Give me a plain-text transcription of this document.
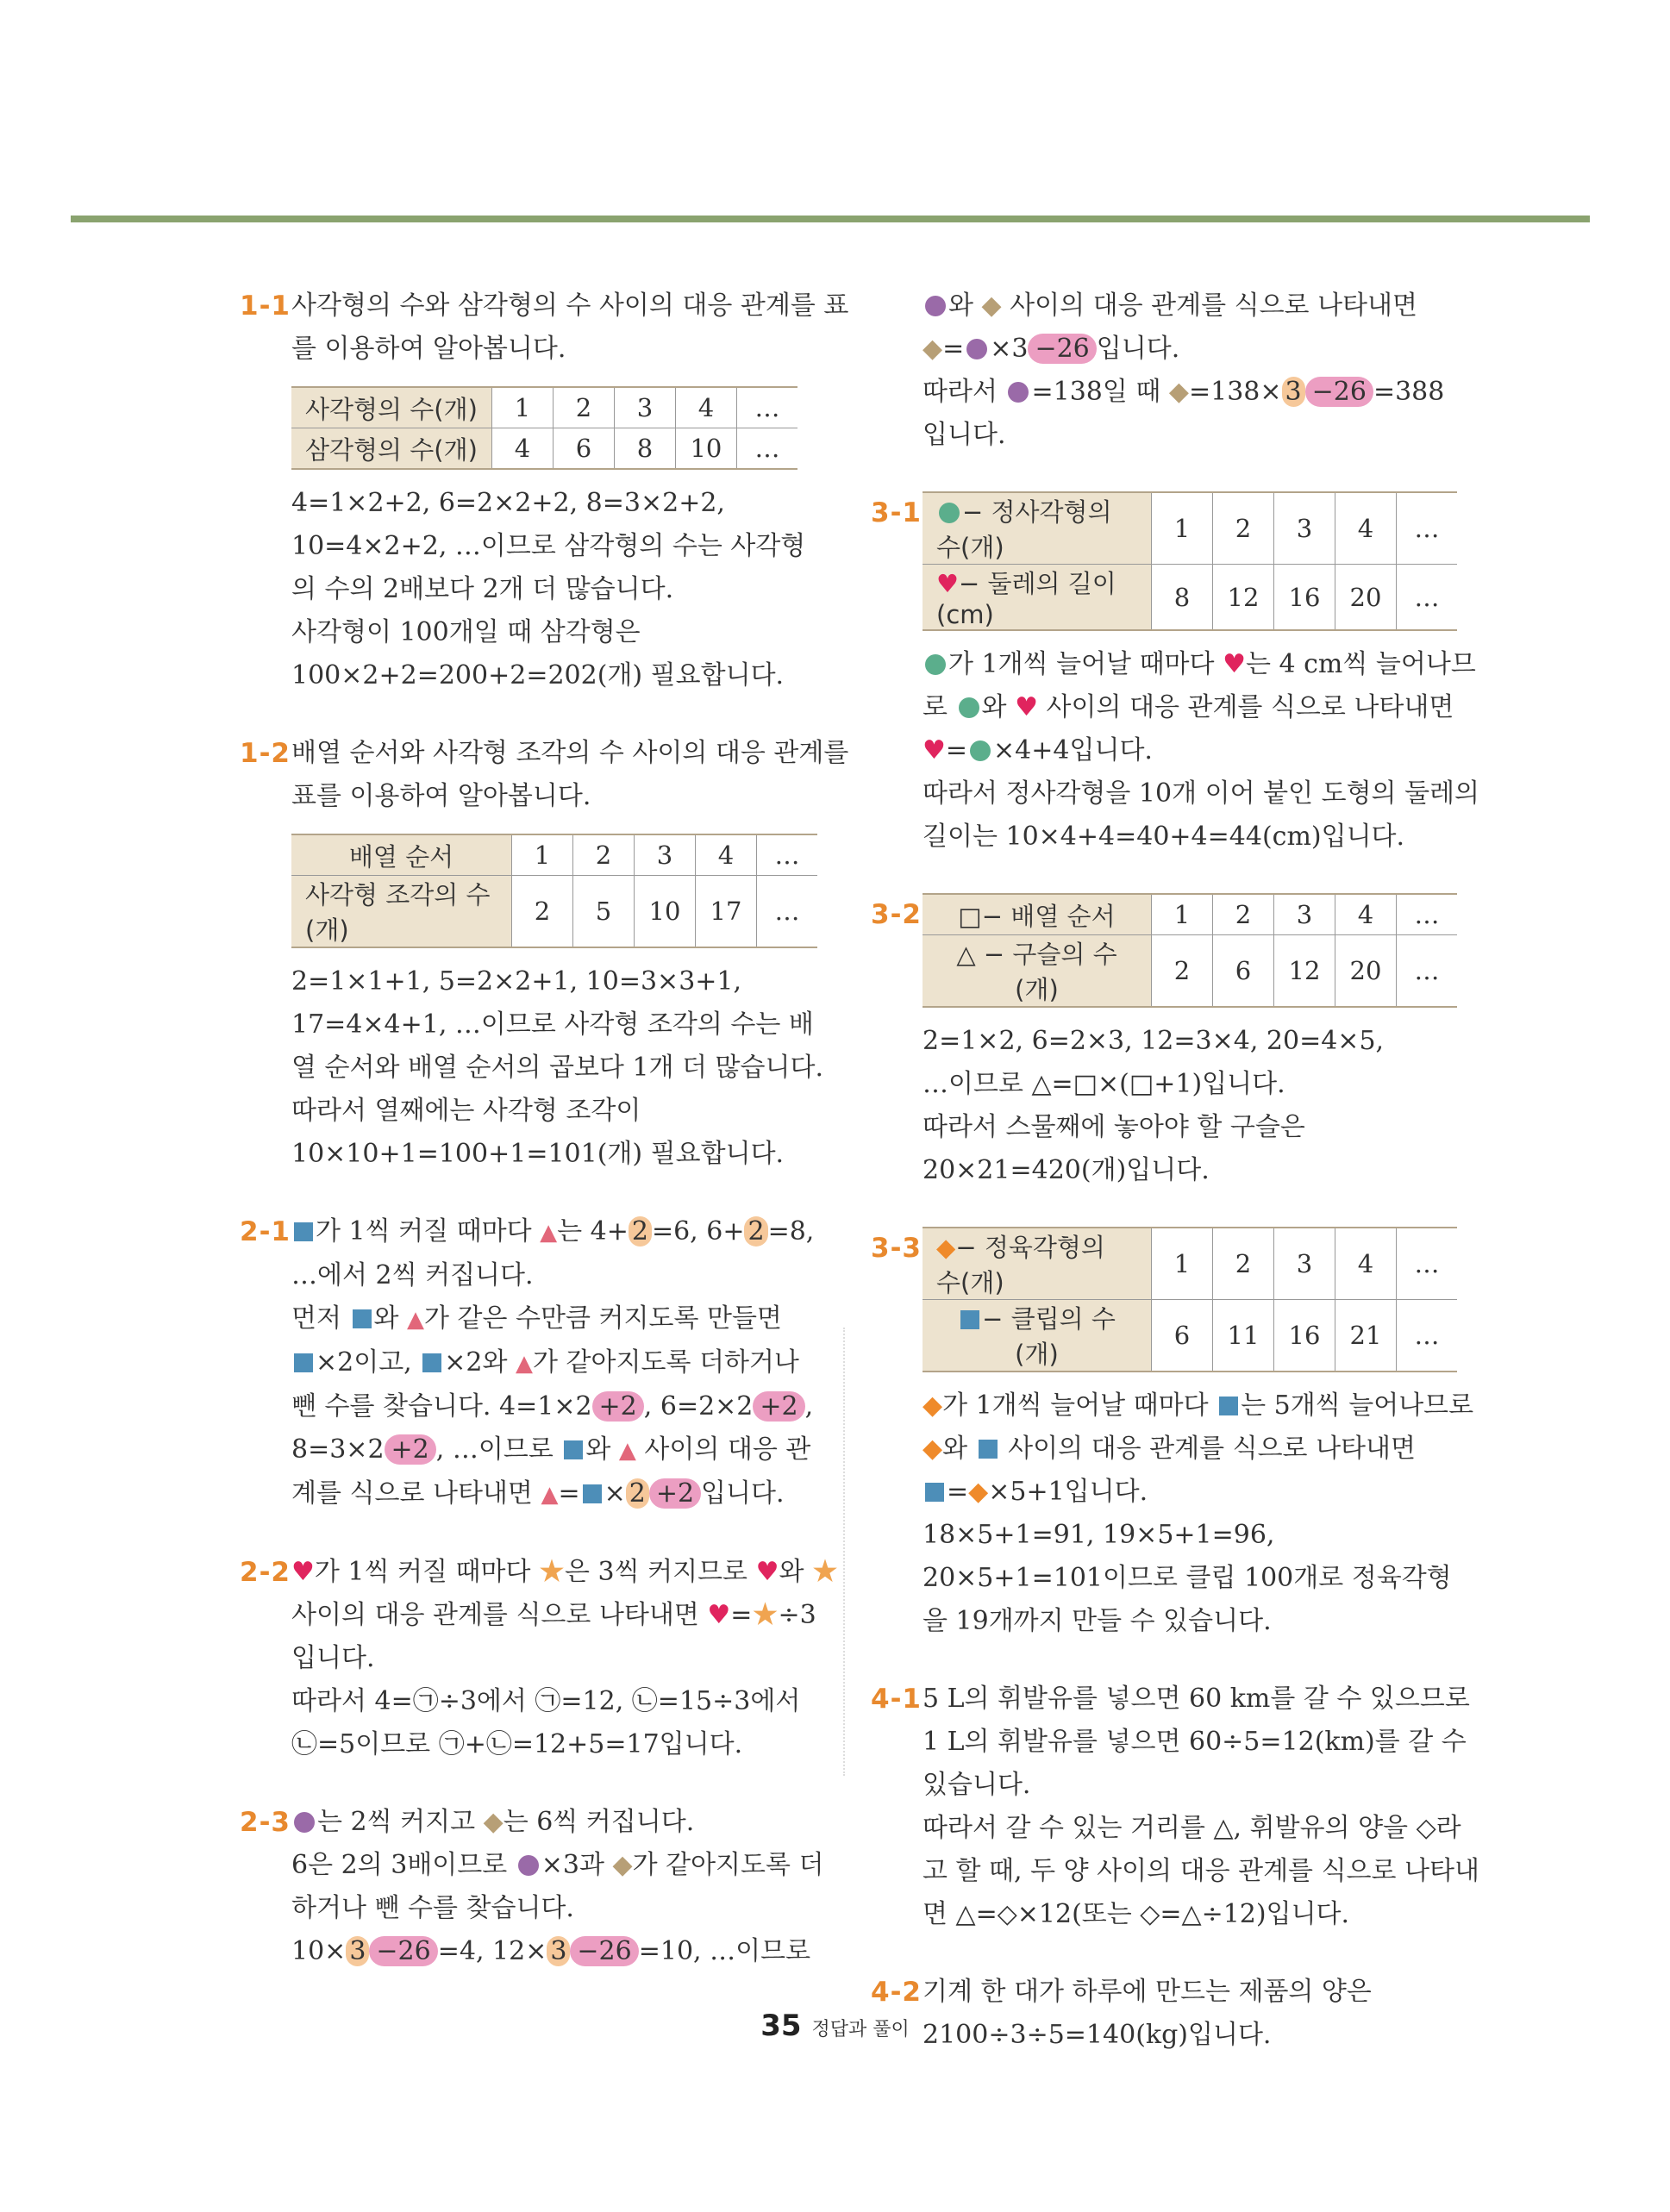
1-1 사각형의 수와 삼각형의 수 사이의 대응 관계를 표
를 이용하여 알아봅니다.
사각형의 수(개)	1	2	3	4	…
삼각형의 수(개)	4	6	8	10	…
4=1×2+2, 6=2×2+2, 8=3×2+2,
10=4×2+2, …이므로 삼각형의 수는 사각형
의 수의 2배보다 2개 더 많습니다.
사각형이 100개일 때 삼각형은
100×2+2=200+2=202(개) 필요합니다.
1-2 배열 순서와 사각형 조각의 수 사이의 대응 관계를
표를 이용하여 알아봅니다.
배열 순서	1	2	3	4	…
사각형 조각의 수(개)	2	5	10	17	…
2=1×1+1, 5=2×2+1, 10=3×3+1,
17=4×4+1, …이므로 사각형 조각의 수는 배
열 순서와 배열 순서의 곱보다 1개 더 많습니다.
따라서 열째에는 사각형 조각이
10×10+1=100+1=101(개) 필요합니다.
2-1 가 1씩 커질 때마다 ▲는 4+ 2 =6, 6+ 2 =8,
…에서 2씩 커집니다.
먼저 와 ▲가 같은 수만큼 커지도록 만들면
×2이고, ×2와 ▲가 같아지도록 더하거나
뺀 수를 찾습니다. 4=1×2 +2 , 6=2×2 +2 ,
8=3×2 +2 , …이므로 와 ▲ 사이의 대응 관
계를 식으로 나타내면 ▲= × 2 +2 입니다.
2-2 ♥가 1씩 커질 때마다 ★은 3씩 커지므로 ♥와 ★
사이의 대응 관계를 식으로 나타내면 ♥=★÷3
입니다.
따라서 4=㉠÷3에서 ㉠=12, ㉡=15÷3에서
㉡=5이므로 ㉠+㉡=12+5=17입니다.
2-3	는 2씩 커지고 ◆는 6씩 커집니다.
6은 2의 3배이므로 ×3과 ◆가 같아지도록 더
하거나 뺀 수를 찾습니다.
10× 3 −26 =4, 12× 3 −26 =10, …이므로
와 ◆ 사이의 대응 관계를 식으로 나타내면
◆= ×3 −26 입니다.
따라서 =138일 때 ◆=138× 3 −26 =388
입니다.
3-1 − 정사각형의 수(개)	1	2	3	4	…
♥− 둘레의 길이(cm)	8	12	16	20	…
가 1개씩 늘어날 때마다 ♥는 4 cm씩 늘어나므
로 와 ♥ 사이의 대응 관계를 식으로 나타내면
♥= ×4+4입니다.
따라서 정사각형을 10개 이어 붙인 도형의 둘레의
길이는 10×4+4=40+4=44(cm)입니다.
3-2 □− 배열 순서	1	2	3	4	…
△ − 구슬의 수(개)	2	6	12	20	…
2=1×2, 6=2×3, 12=3×4, 20=4×5,
…이므로 △=□×(□+1)입니다.
따라서 스물째에 놓아야 할 구슬은
20×21=420(개)입니다.
3-3 ◆− 정육각형의 수(개)	1	2	3	4	…
− 클립의 수(개)	6	11	16	21	…
◆가 1개씩 늘어날 때마다 는 5개씩 늘어나므로
◆와  사이의 대응 관계를 식으로 나타내면
=◆×5+1입니다.
18×5+1=91, 19×5+1=96,
20×5+1=101이므로 클립 100개로 정육각형
을 19개까지 만들 수 있습니다.
4-1 5 L의 휘발유를 넣으면 60 km를 갈 수 있으므로
1 L의 휘발유를 넣으면 60÷5=12(km)를 갈 수
있습니다.
따라서 갈 수 있는 거리를 △, 휘발유의 양을 ◇라
고 할 때, 두 양 사이의 대응 관계를 식으로 나타내
면 △=◇×12(또는 ◇=△÷12)입니다.
4-2 기계 한 대가 하루에 만드는 제품의 양은
2100÷3÷5=140(kg)입니다.
35 정답과 풀이
